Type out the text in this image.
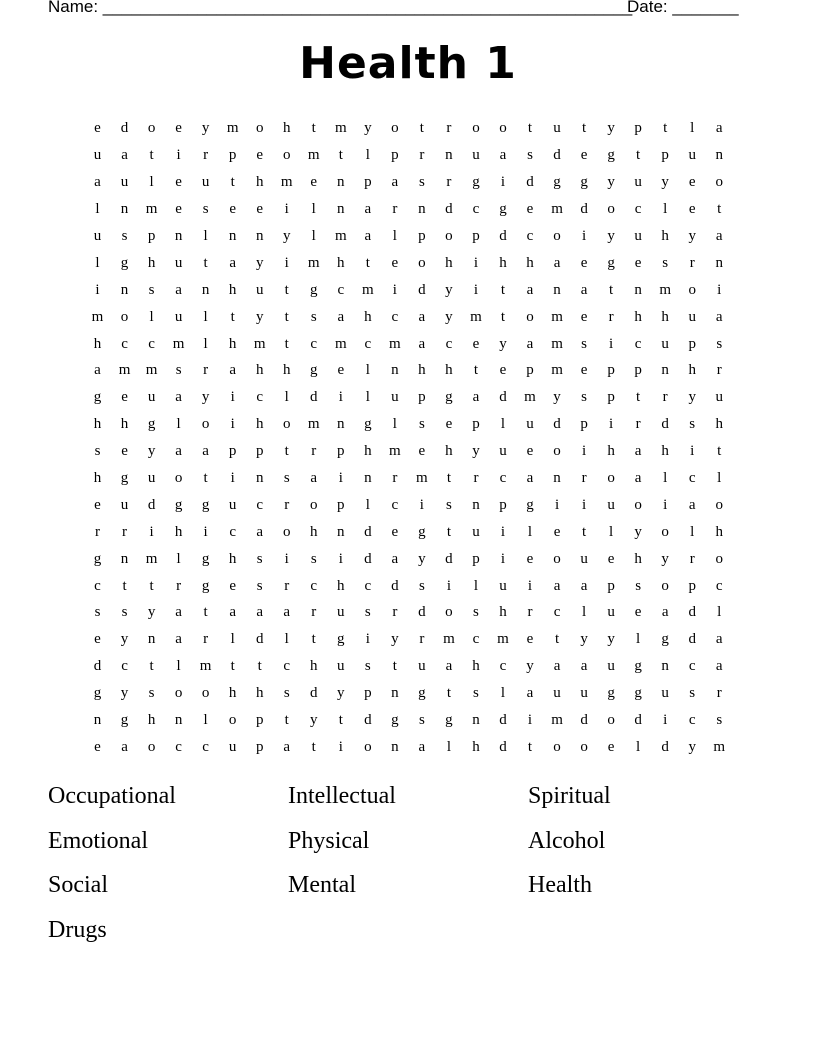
Name: ________________________________________________________
Date: _______
Health 1
e	d	o	e	y	m	o	h	t	m	y	o	t	r	o	o	t	u	t	y	p	t	l	a
u	a	t	i	r	p	e	o	m	t	l	p	r	n	u	a	s	d	e	g	t	p	u	n
a	u	l	e	u	t	h	m	e	n	p	a	s	r	g	i	d	g	g	y	u	y	e	o
l	n	m	e	s	e	e	i	l	n	a	r	n	d	c	g	e	m	d	o	c	l	e	t
u	s	p	n	l	n	n	y	l	m	a	l	p	o	p	d	c	o	i	y	u	h	y	a
l	g	h	u	t	a	y	i	m	h	t	e	o	h	i	h	h	a	e	g	e	s	r	n
i	n	s	a	n	h	u	t	g	c	m	i	d	y	i	t	a	n	a	t	n	m	o	i
m	o	l	u	l	t	y	t	s	a	h	c	a	y	m	t	o	m	e	r	h	h	u	a
h	c	c	m	l	h	m	t	c	m	c	m	a	c	e	y	a	m	s	i	c	u	p	s
a	m	m	s	r	a	h	h	g	e	l	n	h	h	t	e	p	m	e	p	p	n	h	r
g	e	u	a	y	i	c	l	d	i	l	u	p	g	a	d	m	y	s	p	t	r	y	u
h	h	g	l	o	i	h	o	m	n	g	l	s	e	p	l	u	d	p	i	r	d	s	h
s	e	y	a	a	p	p	t	r	p	h	m	e	h	y	u	e	o	i	h	a	h	i	t
h	g	u	o	t	i	n	s	a	i	n	r	m	t	r	c	a	n	r	o	a	l	c	l
e	u	d	g	g	u	c	r	o	p	l	c	i	s	n	p	g	i	i	u	o	i	a	o
r	r	i	h	i	c	a	o	h	n	d	e	g	t	u	i	l	e	t	l	y	o	l	h
g	n	m	l	g	h	s	i	s	i	d	a	y	d	p	i	e	o	u	e	h	y	r	o
c	t	t	r	g	e	s	r	c	h	c	d	s	i	l	u	i	a	a	p	s	o	p	c
s	s	y	a	t	a	a	a	r	u	s	r	d	o	s	h	r	c	l	u	e	a	d	l
e	y	n	a	r	l	d	l	t	g	i	y	r	m	c	m	e	t	y	y	l	g	d	a
d	c	t	l	m	t	t	c	h	u	s	t	u	a	h	c	y	a	a	u	g	n	c	a
g	y	s	o	o	h	h	s	d	y	p	n	g	t	s	l	a	u	u	g	g	u	s	r
n	g	h	n	l	o	p	t	y	t	d	g	s	g	n	d	i	m	d	o	d	i	c	s
e	a	o	c	c	u	p	a	t	i	o	n	a	l	h	d	t	o	o	e	l	d	y	m
Occupational	Intellectual	Spiritual
Emotional	Physical	Alcohol
Social	Mental	Health
Drugs
